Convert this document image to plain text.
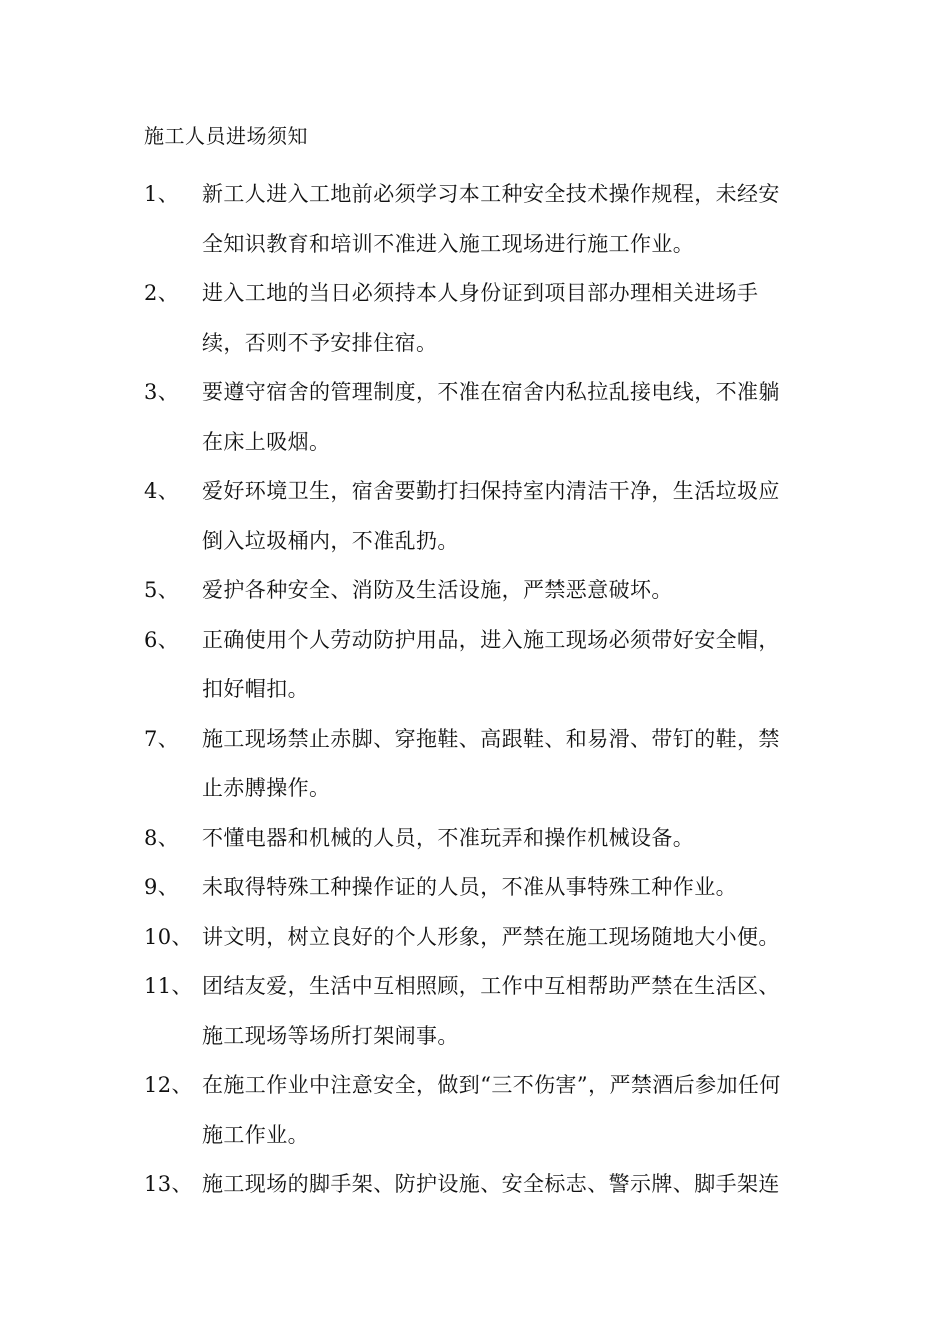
施工人员进场须知
1、	新工人进入工地前必须学习本工种安全技术操作规程，未经安
全知识教育和培训不准进入施工现场进行施工作业。
2、	进入工地的当日必须持本人身份证到项目部办理相关进场手
续，否则不予安排住宿。
3、	要遵守宿舍的管理制度，不准在宿舍内私拉乱接电线，不准躺
在床上吸烟。
4、	爱好环境卫生，宿舍要勤打扫保持室内清洁干净，生活垃圾应
倒入垃圾桶内，不准乱扔。
5、	爱护各种安全、消防及生活设施，严禁恶意破坏。
6、	正确使用个人劳动防护用品，进入施工现场必须带好安全帽，
扣好帽扣。
7、	施工现场禁止赤脚、穿拖鞋、高跟鞋、和易滑、带钉的鞋，禁
止赤膊操作。
8、	不懂电器和机械的人员，不准玩弄和操作机械设备。
9、	未取得特殊工种操作证的人员，不准从事特殊工种作业。
10、 讲文明，树立良好的个人形象，严禁在施工现场随地大小便。
11、 团结友爱，生活中互相照顾，工作中互相帮助严禁在生活区、
施工现场等场所打架闹事。
12、 在施工作业中注意安全，做到“三不伤害”，严禁酒后参加任何
施工作业。
13、 施工现场的脚手架、防护设施、安全标志、警示牌、脚手架连
